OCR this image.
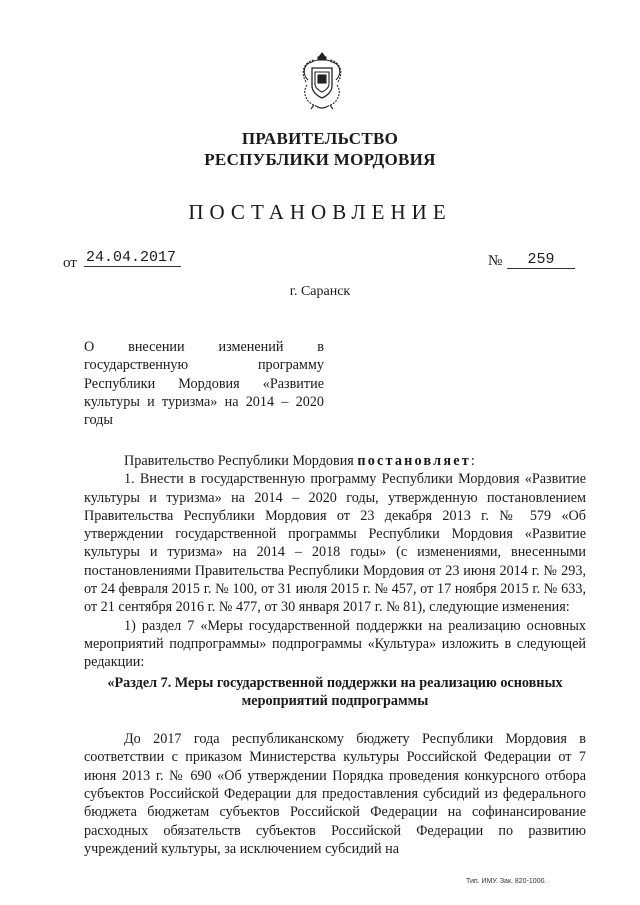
ПРАВИТЕЛЬСТВО
РЕСПУБЛИКИ МОРДОВИЯ
ПОСТАНОВЛЕНИЕ
от 24.04.2017	№	259
г. Саранск
О внесении изменений в государственную программу Республики Мордовия «Развитие культуры и туризма» на 2014 – 2020 годы

Правительство Республики Мордовия постановляет:

1. Внести в государственную программу Республики Мордовия «Развитие культуры и туризма» на 2014 – 2020 годы, утвержденную постановлением Правительства Республики Мордовия от 23 декабря 2013 г. № 579 «Об утверждении государственной программы Республики Мордовия «Развитие культуры и туризма» на 2014 – 2018 годы» (с изменениями, внесенными постановлениями Правительства Республики Мордовия от 23 июня 2014 г. № 293, от 24 февраля 2015 г. № 100, от 31 июля 2015 г. № 457, от 17 ноября 2015 г. № 633, от 21 сентября 2016 г. № 477, от 30 января 2017 г. № 81), следующие изменения:

1) раздел 7 «Меры государственной поддержки на реализацию основных мероприятий подпрограммы» подпрограммы «Культура» изложить в следующей редакции:

«Раздел 7. Меры государственной поддержки на реализацию основных

мероприятий подпрограммы

До 2017 года республиканскому бюджету Республики Мордовия в соответствии с приказом Министерства культуры Российской Федерации от 7 июня 2013 г. № 690 «Об утверждении Порядка проведения конкурсного отбора субъектов Российской Федерации для предоставления субсидий из федерального бюджета бюджетам субъектов Российской Федерации на софинансирование расходных обязательств субъектов Российской Федерации по развитию учреждений культуры, за исключением субсидий на

Тип. ИМУ. Зак. 820-1000.
